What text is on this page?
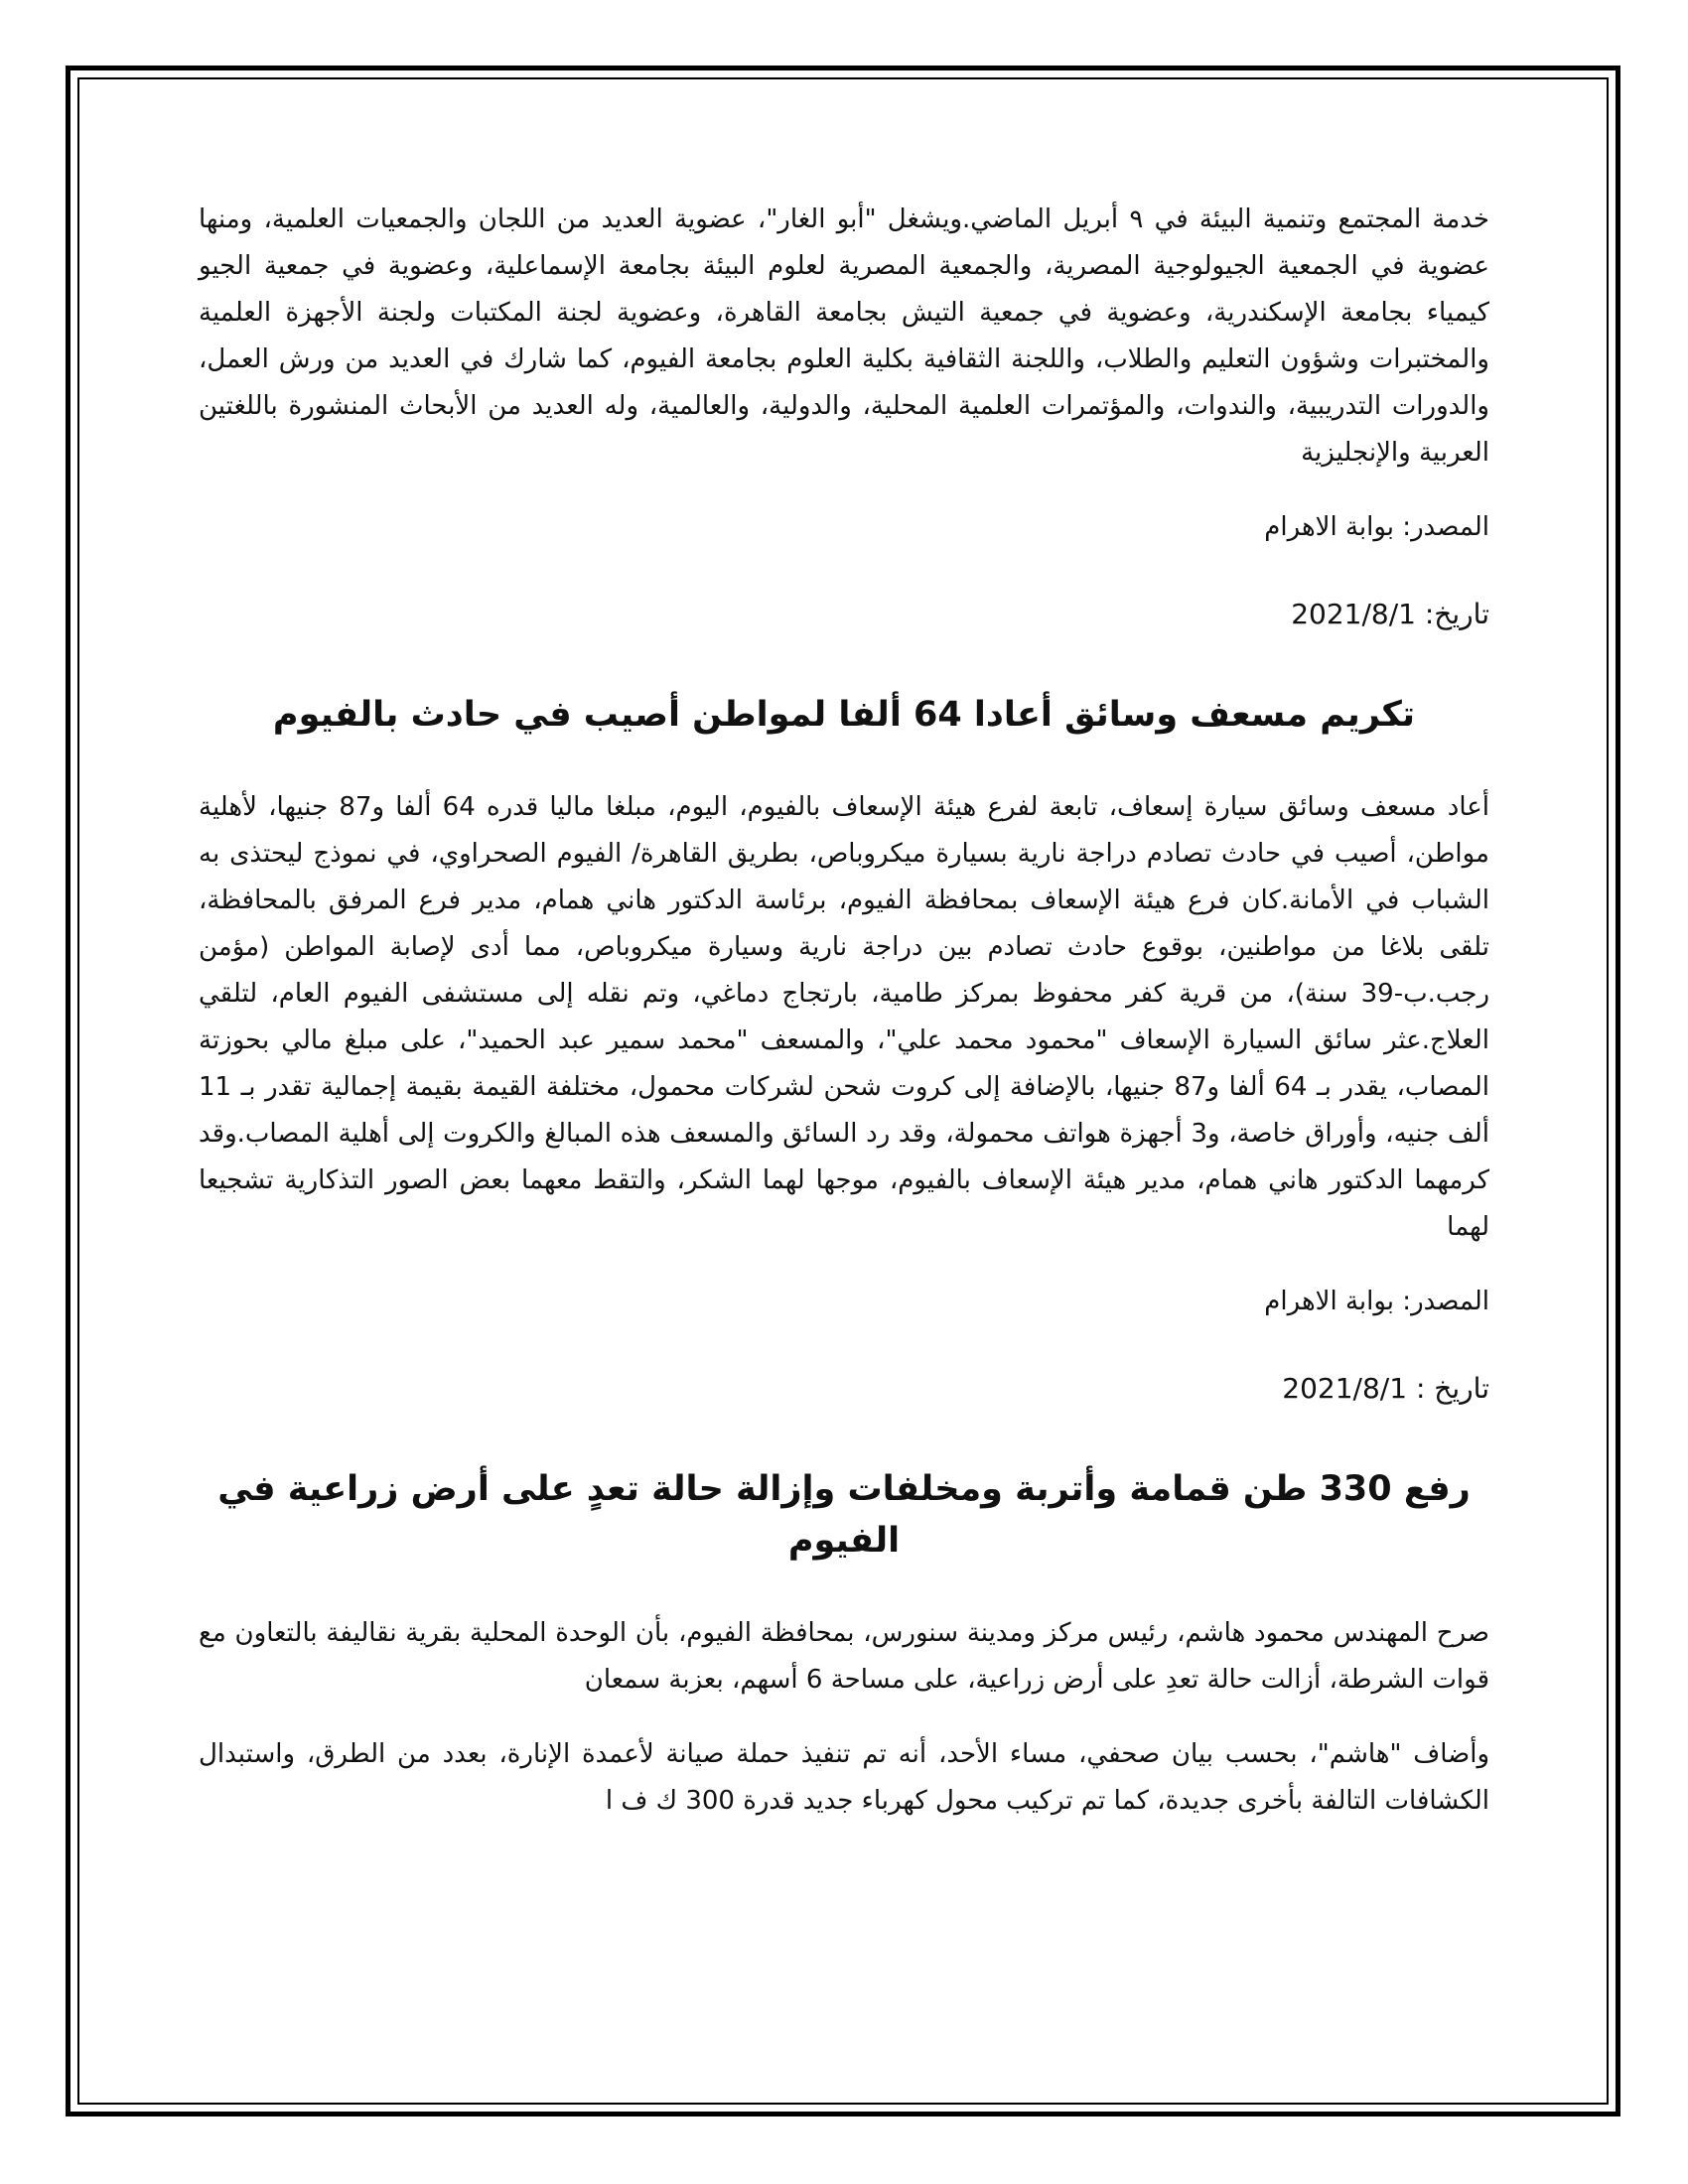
خدمة المجتمع وتنمية البيئة في ٩ أبريل الماضي.ويشغل "أبو الغار"، عضوية العديد من اللجان والجمعيات العلمية، ومنها عضوية في الجمعية الجيولوجية المصرية، والجمعية المصرية لعلوم البيئة بجامعة الإسماعلية، وعضوية في جمعية الجيو كيمياء بجامعة الإسكندرية، وعضوية في جمعية التيش بجامعة القاهرة، وعضوية لجنة المكتبات ولجنة الأجهزة العلمية والمختبرات وشؤون التعليم والطلاب، واللجنة الثقافية بكلية العلوم بجامعة الفيوم، كما شارك في العديد من ورش العمل، والدورات التدريبية، والندوات، والمؤتمرات العلمية المحلية، والدولية، والعالمية، وله العديد من الأبحاث المنشورة باللغتين العربية والإنجليزية

المصدر: بوابة الاهرام
تاريخ: 2021/8/1
تكريم مسعف وسائق أعادا 64 ألفا لمواطن أصيب في حادث بالفيوم

أعاد مسعف وسائق سيارة إسعاف، تابعة لفرع هيئة الإسعاف بالفيوم، اليوم، مبلغا ماليا قدره 64 ألفا و87 جنيها، لأهلية مواطن، أصيب في حادث تصادم دراجة نارية بسيارة ميكروباص، بطريق القاهرة/ الفيوم الصحراوي، في نموذج ليحتذى به الشباب في الأمانة.كان فرع هيئة الإسعاف بمحافظة الفيوم، برئاسة الدكتور هاني همام، مدير فرع المرفق بالمحافظة، تلقى بلاغا من مواطنين، بوقوع حادث تصادم بين دراجة نارية وسيارة ميكروباص، مما أدى لإصابة المواطن (مؤمن رجب.ب-39 سنة)، من قرية كفر محفوظ بمركز طامية، بارتجاج دماغي، وتم نقله إلى مستشفى الفيوم العام، لتلقي العلاج.عثر سائق السيارة الإسعاف "محمود محمد علي"، والمسعف "محمد سمير عبد الحميد"، على مبلغ مالي بحوزتة المصاب، يقدر بـ 64 ألفا و87 جنيها، بالإضافة إلى كروت شحن لشركات محمول، مختلفة القيمة بقيمة إجمالية تقدر بـ 11 ألف جنيه، وأوراق خاصة، و3 أجهزة هواتف محمولة، وقد رد السائق والمسعف هذه المبالغ والكروت إلى أهلية المصاب.وقد كرمهما الدكتور هاني همام، مدير هيئة الإسعاف بالفيوم، موجها لهما الشكر، والتقط معهما بعض الصور التذكارية تشجيعا لهما

المصدر: بوابة الاهرام
تاريخ : 2021/8/1
رفع 330 طن قمامة وأتربة ومخلفات وإزالة حالة تعدٍ على أرض زراعية في الفيوم

صرح المهندس محمود هاشم، رئيس مركز ومدينة سنورس، بمحافظة الفيوم، بأن الوحدة المحلية بقرية نقاليفة بالتعاون مع قوات الشرطة، أزالت حالة تعدِ على أرض زراعية، على مساحة 6 أسهم، بعزبة سمعان

وأضاف "هاشم"، بحسب بيان صحفي، مساء الأحد، أنه تم تنفيذ حملة صيانة لأعمدة الإنارة، بعدد من الطرق، واستبدال الكشافات التالفة بأخرى جديدة، كما تم تركيب محول كهرباء جديد قدرة 300 ك ف ا
